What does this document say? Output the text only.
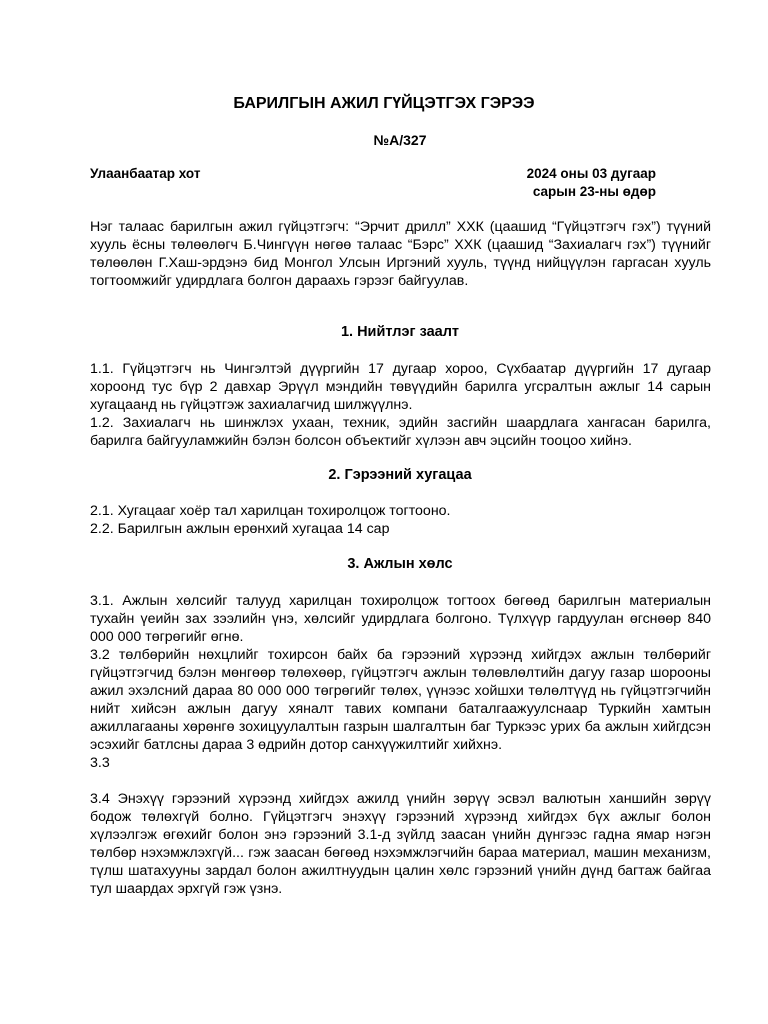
БАРИЛГЫН АЖИЛ ГҮЙЦЭТГЭХ ГЭРЭЭ
№А/327
Улаанбаатар хот	2024 оны 03 дугаар
сарын 23-ны өдөр

Нэг талаас барилгын ажил гүйцэтгэгч: “Эрчит дрилл” ХХК (цаашид “Гүйцэтгэгч гэх”) түүний хууль ёсны төлөөлөгч Б.Чингүүн нөгөө талаас “Бэрс” ХХК (цаашид “Захиалагч гэх”) түүнийг төлөөлөн Г.Хаш-эрдэнэ бид Монгол Улсын Иргэний хууль, түүнд нийцүүлэн гаргасан хууль тогтоомжийг удирдлага болгон дараахь гэрээг байгуулав.

1. Нийтлэг заалт

1.1. Гүйцэтгэгч нь Чингэлтэй дүүргийн 17 дугаар хороо, Сүхбаатар дүүргийн 17 дугаар хороонд тус бүр 2 давхар Эрүүл мэндийн төвүүдийн барилга угсралтын ажлыг 14 сарын хугацаанд нь гүйцэтгэж захиалагчид шилжүүлнэ.

1.2. Захиалагч нь шинжлэх ухаан, техник, эдийн засгийн шаардлага хангасан барилга, барилга байгууламжийн бэлэн болсон объектийг хүлээн авч эцсийн тооцоо хийнэ.

2. Гэрээний хугацаа

2.1. Хугацааг хоёр тал харилцан тохиролцож тогтооно.

2.2. Барилгын ажлын ерөнхий хугацаа 14 сар

3. Ажлын хөлс

3.1. Ажлын хөлсийг талууд харилцан тохиролцож тогтоох бөгөөд барилгын материалын тухайн үеийн зах зээлийн үнэ, хөлсийг удирдлага болгоно. Түлхүүр гардуулан өгснөөр 840 000 000 төгрөгийг өгнө.

3.2 төлбөрийн нөхцлийг тохирсон байх ба гэрээний хүрээнд хийгдэх ажлын төлбөрийг гүйцэтгэгчид бэлэн мөнгөөр төлөхөөр, гүйцэтгэгч ажлын төлөвлөлтийн дагуу газар шорооны ажил эхэлсний дараа 80 000 000 төгрөгийг төлөх, үүнээс хойшхи төлөлтүүд нь гүйцэтгэгчийн нийт хийсэн ажлын дагуу хяналт тавих компани баталгаажуулснаар Туркийн хамтын ажиллагааны хөрөнгө зохицуулалтын газрын шалгалтын баг Туркээс урих ба ажлын хийгдсэн эсэхийг батлсны дараа 3 өдрийн дотор санхүүжилтийг хийхнэ.

3.3

3.4 Энэхүү гэрээний хүрээнд хийгдэх ажилд үнийн зөрүү эсвэл валютын ханшийн зөрүү бодож төлөхгүй болно. Гүйцэтгэгч энэхүү гэрээний хүрээнд хийгдэх бүх ажлыг болон хүлээлгэж өгөхийг болон энэ гэрээний 3.1-д зүйлд заасан үнийн дүнгээс гадна ямар нэгэн төлбөр нэхэмжлэхгүй... гэж заасан бөгөөд нэхэмжлэгчийн бараа материал, машин механизм, түлш шатахууны зардал болон ажилтнуудын цалин хөлс гэрээний үнийн дүнд багтаж байгаа тул шаардах эрхгүй гэж үзнэ.
